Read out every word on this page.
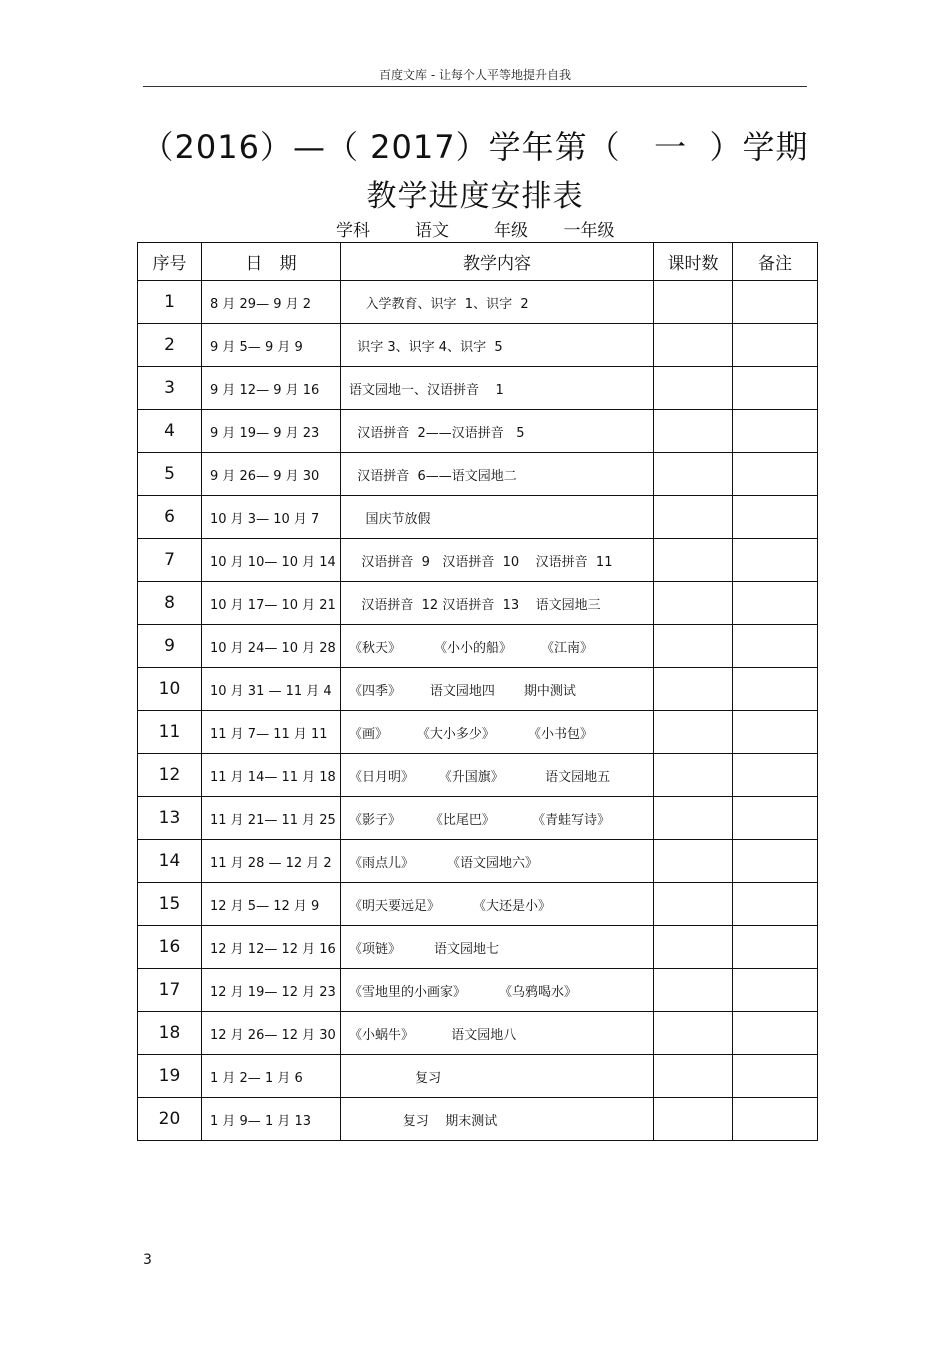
百度文库 - 让每个人平等地提升自我
（2016）—（ 2017）学年第（   一  ）学期
教学进度安排表
学科	语文	年级 一年级
序号	日　期	教学内容	课时数	备注
1	8 月 29— 9 月 2	入学教育、识字  1、识字  2		
2	9 月 5— 9 月 9	识字 3、识字 4、识字  5		
3	9 月 12— 9 月 16	语文园地一、汉语拼音    1		
4	9 月 19— 9 月 23	汉语拼音  2——汉语拼音   5		
5	9 月 26— 9 月 30	汉语拼音  6——语文园地二		
6	10 月 3— 10 月 7	国庆节放假		
7	10 月 10— 10 月 14	汉语拼音  9   汉语拼音  10    汉语拼音  11		
8	10 月 17— 10 月 21	汉语拼音  12 汉语拼音  13    语文园地三		
9	10 月 24— 10 月 28	《秋天》        《小小的船》       《江南》		
10	10 月 31 — 11 月 4	《四季》       语文园地四       期中测试		
11	11 月 7— 11 月 11	《画》       《大小多少》        《小书包》		
12	11 月 14— 11 月 18	《日月明》      《升国旗》          语文园地五		
13	11 月 21— 11 月 25	《影子》       《比尾巴》         《青蛙写诗》		
14	11 月 28 — 12 月 2	《雨点儿》        《语文园地六》		
15	12 月 5— 12 月 9	《明天要远足》        《大还是小》		
16	12 月 12— 12 月 16	《项链》        语文园地七		
17	12 月 19— 12 月 23	《雪地里的小画家》        《乌鸦喝水》		
18	12 月 26— 12 月 30	《小蜗牛》         语文园地八		
19	1 月 2— 1 月 6	复习		
20	1 月 9— 1 月 13	复习    期末测试		
3
